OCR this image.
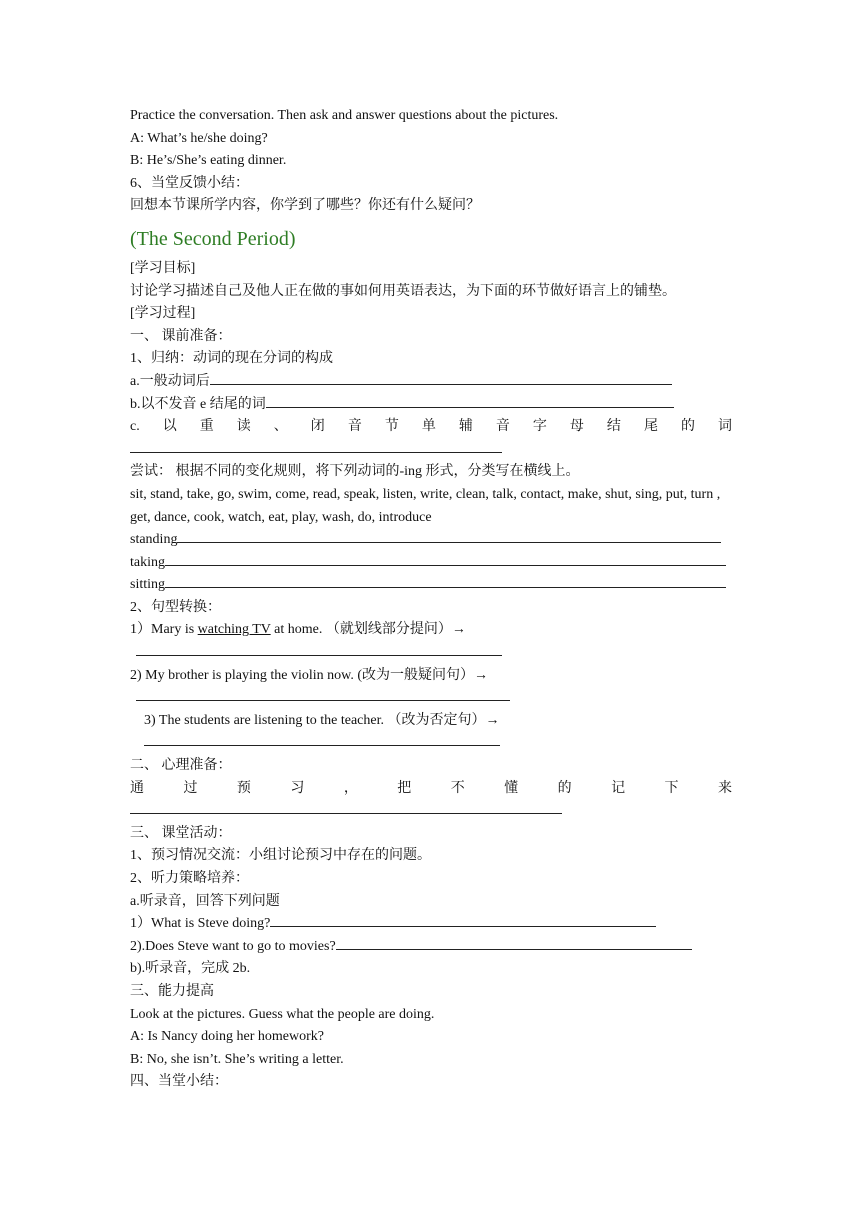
Practice the conversation. Then ask and answer questions about the pictures.
A: What’s he/she doing?
B: He’s/She’s eating dinner.
6、当堂反馈小结：
回想本节课所学内容，你学到了哪些？你还有什么疑问？
(The Second Period)
[学习目标]
讨论学习描述自己及他人正在做的事如何用英语表达，为下面的环节做好语言上的铺垫。
[学习过程]
一、 课前准备：
1、归纳：动词的现在分词的构成
a.一般动词后
b.以不发音 e 结尾的词
c. 以 重 读 、 闭 音 节 单 辅 音 字 母 结 尾 的 词
尝试： 根据不同的变化规则，将下列动词的-ing 形式，分类写在横线上。
sit, stand, take, go, swim, come, read, speak, listen, write, clean, talk, contact, make, shut, sing, put, turn , get, dance, cook, watch, eat, play, wash, do, introduce
standing
taking
sitting
2、句型转换：
1）Mary is watching TV at home. （就划线部分提问）→
2) My brother is playing the violin now. (改为一般疑问句）→
3) The students are listening to the teacher. （改为否定句）→
二、 心理准备：
通	过	预	习	，	把	不	懂	的	记	下	来
三、 课堂活动：
1、预习情况交流：小组讨论预习中存在的问题。
2、听力策略培养：
a.听录音，回答下列问题
1）What is Steve doing?
2).Does Steve want to go to movies?
b).听录音，完成 2b.
三、能力提高
Look at the pictures. Guess what the people are doing.
A: Is Nancy doing her homework?
B: No, she isn’t. She’s writing a letter.
四、当堂小结：
